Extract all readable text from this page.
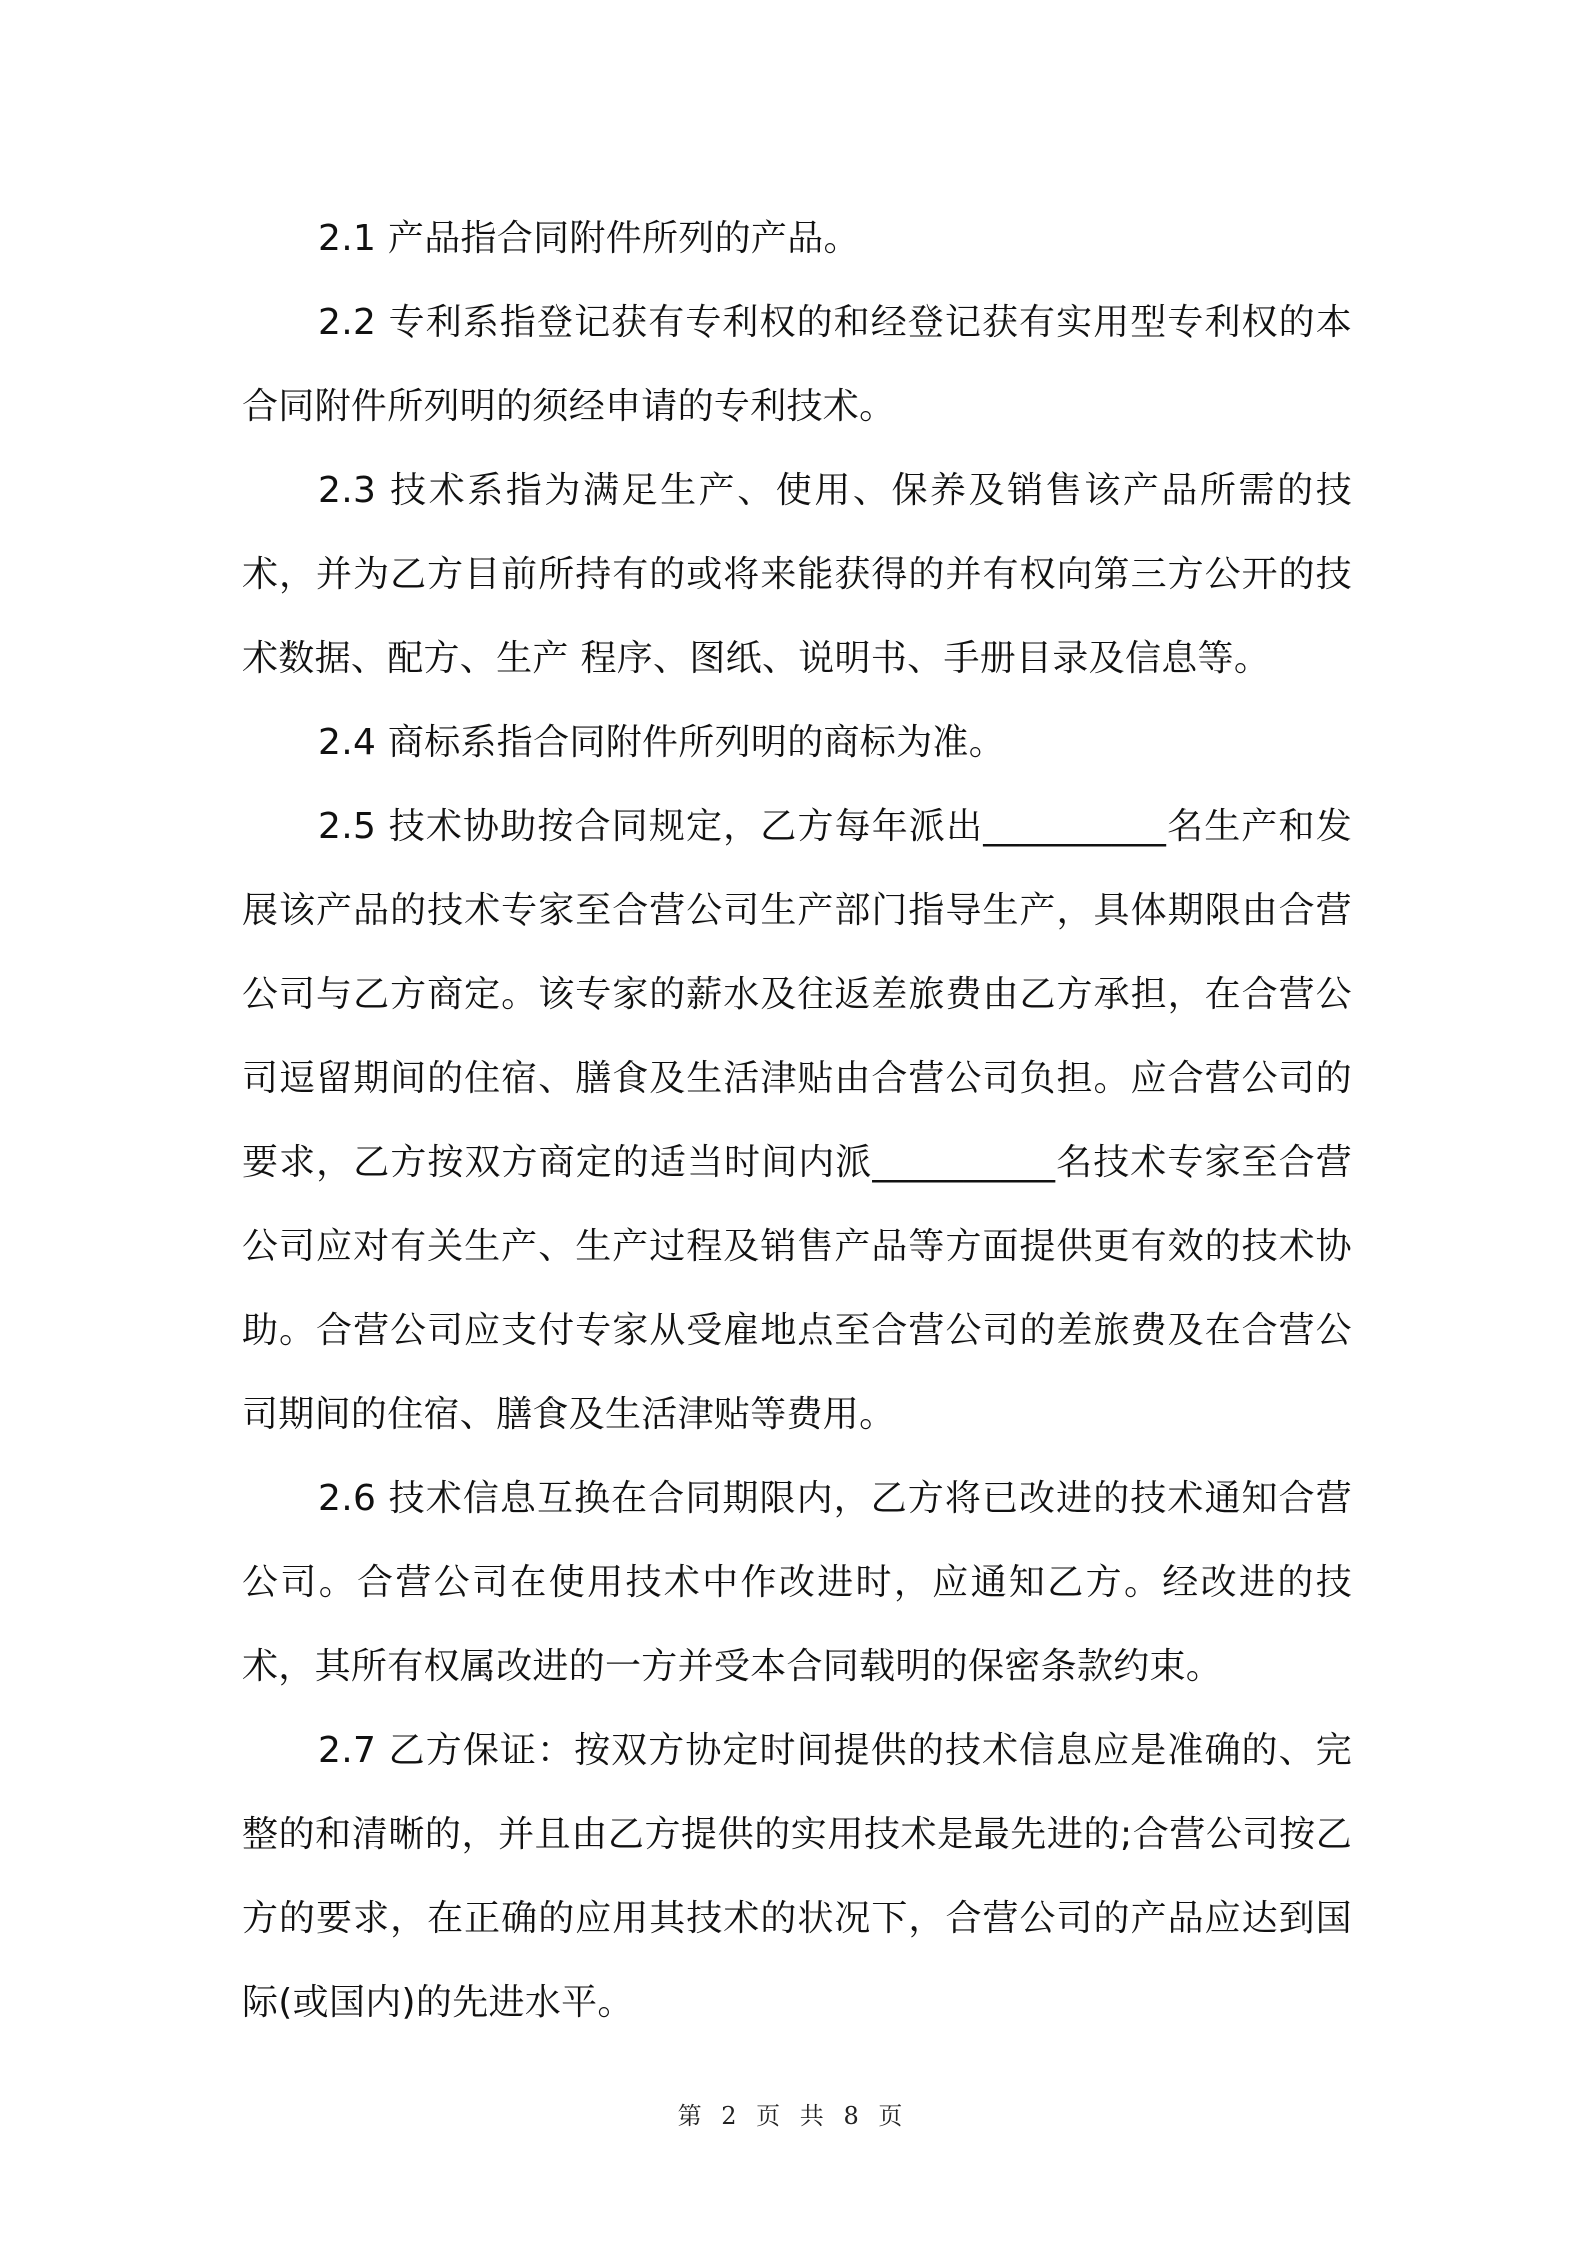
2.1 产品指合同附件所列的产品。

2.2 专利系指登记获有专利权的和经登记获有实用型专利权的本合同附件所列明的须经申请的专利技术。

2.3 技术系指为满足生产、使用、保养及销售该产品所需的技术，并为乙方目前所持有的或将来能获得的并有权向第三方公开的技术数据、配方、生产 程序、图纸、说明书、手册目录及信息等。

2.4 商标系指合同附件所列明的商标为准。

2.5 技术协助按合同规定，乙方每年派出__________名生产和发展该产品的技术专家至合营公司生产部门指导生产，具体期限由合营公司与乙方商定。该专家的薪水及往返差旅费由乙方承担，在合营公司逗留期间的住宿、膳食及生活津贴由合营公司负担。应合营公司的要求，乙方按双方商定的适当时间内派__________名技术专家至合营公司应对有关生产、生产过程及销售产品等方面提供更有效的技术协助。合营公司应支付专家从受雇地点至合营公司的差旅费及在合营公司期间的住宿、膳食及生活津贴等费用。

2.6 技术信息互换在合同期限内，乙方将已改进的技术通知合营公司。合营公司在使用技术中作改进时，应通知乙方。经改进的技术，其所有权属改进的一方并受本合同载明的保密条款约束。

2.7 乙方保证：按双方协定时间提供的技术信息应是准确的、完整的和清晰的，并且由乙方提供的实用技术是最先进的;合营公司按乙方的要求，在正确的应用其技术的状况下，合营公司的产品应达到国际(或国内)的先进水平。

第 2 页 共 8 页
